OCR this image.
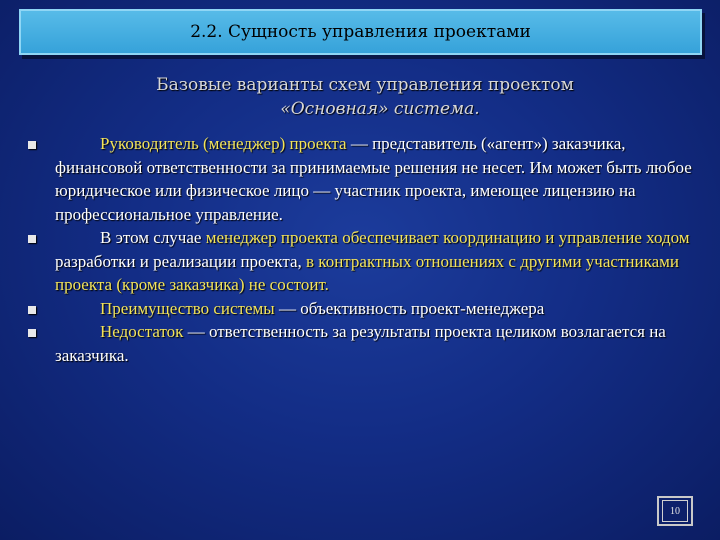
2.2. Сущность управления проектами
Базовые варианты схем управления проектом
«Основная» система.
Руководитель (менеджер) проекта — представитель («агент») заказчика, финансовой ответственности за принимаемые решения не несет. Им может быть любое юридическое или физическое лицо — участник проекта, имеющее лицензию на профессиональное управление.
В этом случае менеджер проекта обеспечивает координацию и управление ходом разработки и реализации проекта, в контрактных отношениях с другими участниками проекта (кроме заказчика) не состоит.
Преимущество системы — объективность проект-менеджера
Недостаток — ответственность за результаты проекта целиком возлагается на заказчика.
10
